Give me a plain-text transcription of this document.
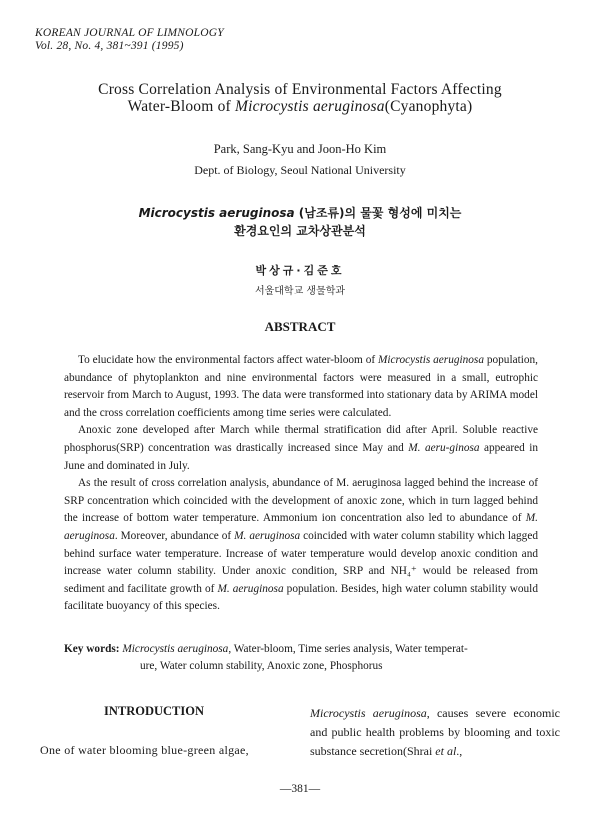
KOREAN JOURNAL OF LIMNOLOGY
Vol. 28, No. 4, 381~391 (1995)
Cross Correlation Analysis of Environmental Factors Affecting
Water-Bloom of Microcystis aeruginosa(Cyanophyta)
Park, Sang-Kyu and Joon-Ho Kim
Dept. of Biology, Seoul National University
Microcystis aeruginosa (남조류)의 물꽃 형성에 미치는
환경요인의 교차상관분석
박상규·김준호
서울대학교 생물학과
ABSTRACT

To elucidate how the environmental factors affect water-bloom of Microcystis aeruginosa population, abundance of phytoplankton and nine environmental factors were measured in a small, eutrophic reservoir from March to August, 1993. The data were transformed into stationary data by ARIMA model and the cross correlation coefficients among time series were calculated.

Anoxic zone developed after March while thermal stratification did after April. Soluble reactive phosphorus(SRP) concentration was drastically increased since May and M. aeru-ginosa appeared in June and dominated in July.

As the result of cross correlation analysis, abundance of M. aeruginosa lagged behind the increase of SRP concentration which coincided with the development of anoxic zone, which in turn lagged behind the increase of bottom water temperature. Ammonium ion concentration also led to abundance of M. aeruginosa. Moreover, abundance of M. aeruginosa coincided with water column stability which lagged behind surface water temperature. Increase of water temperature would develop anoxic condition and increase water column stability. Under anoxic condition, SRP and NH₄⁺ would be released from sediment and facilitate growth of M. aeruginosa population. Besides, high water column stability would facilitate buoyancy of this species.

Key words: Microcystis aeruginosa, Water-bloom, Time series analysis, Water temperat-
ure, Water column stability, Anoxic zone, Phosphorus
INTRODUCTION
One of water blooming blue-green algae,
Microcystis aeruginosa, causes severe economic and public health problems by blooming and toxic substance secretion(Shrai et al.,
—381—
